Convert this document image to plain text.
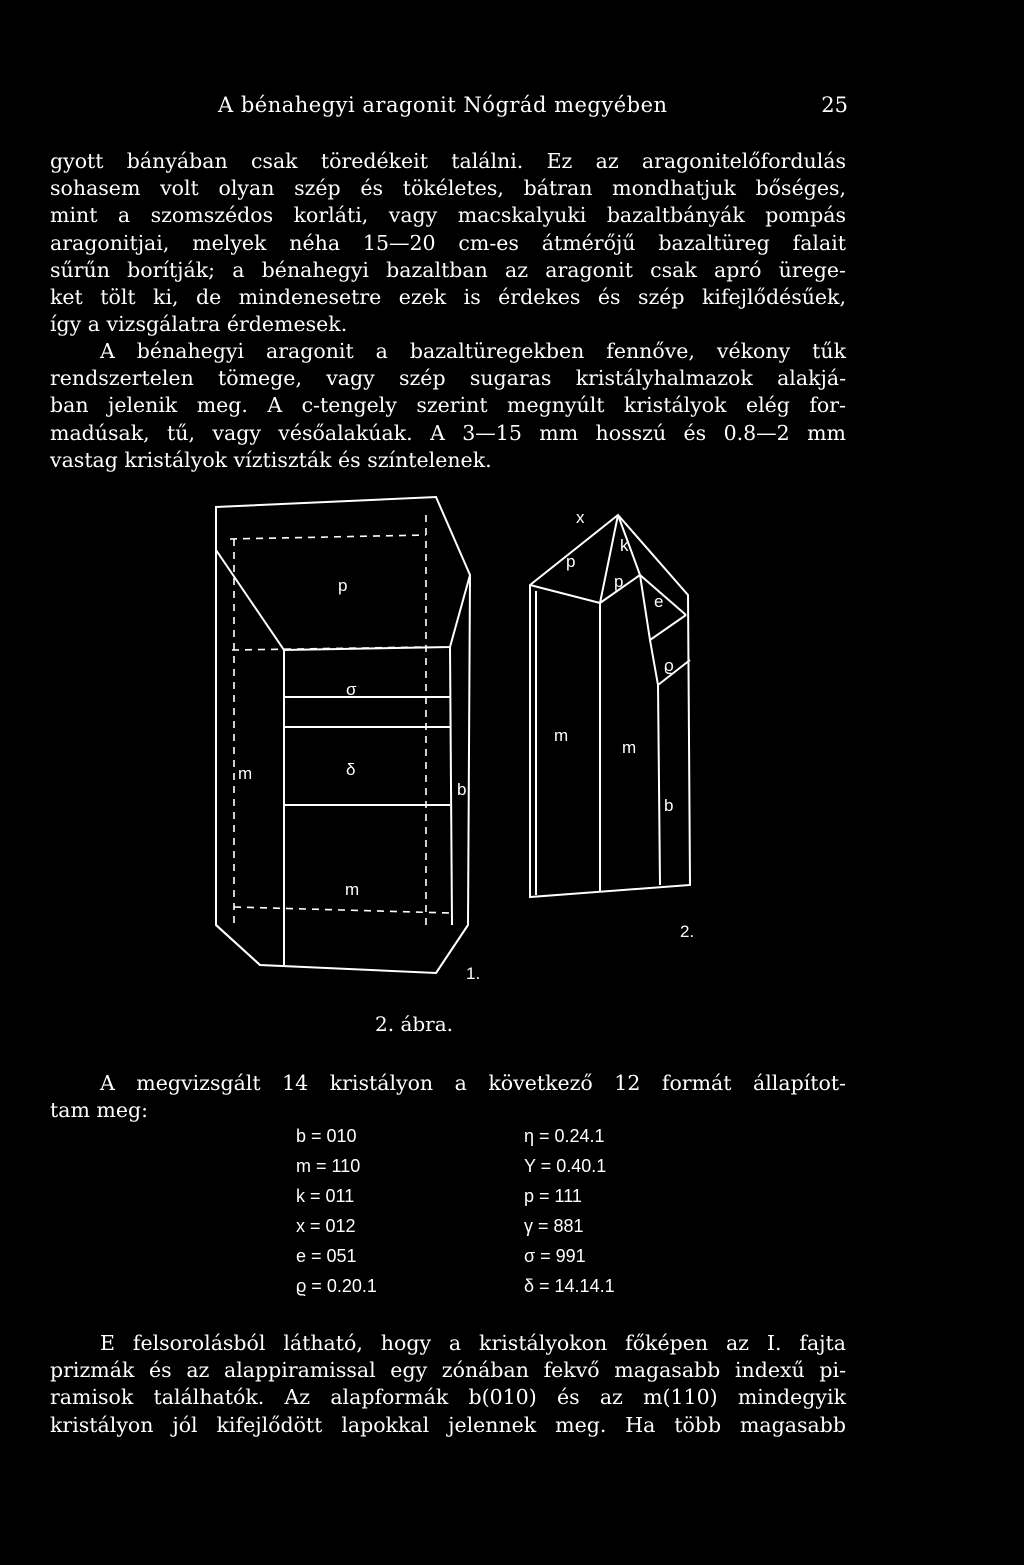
A bénahegyi aragonit Nógrád megyében	25
gyott bányában csak töredékeit találni. Ez az aragonitelőfordulás
sohasem volt olyan szép és tökéletes, bátran mondhatjuk bőséges,
mint a szomszédos korláti, vagy macskalyuki bazaltbányák pompás
aragonitjai, melyek néha 15—20 cm-es átmérőjű bazaltüreg falait
sűrűn borítják; a bénahegyi bazaltban az aragonit csak apró ürege-
ket tölt ki, de mindenesetre ezek is érdekes és szép kifejlődésűek,
így a vizsgálatra érdemesek.
A bénahegyi aragonit a bazaltüregekben fennőve, vékony tűk
rendszertelen tömege, vagy szép sugaras kristályhalmazok alakjá-
ban jelenik meg. A c-tengely szerint megnyúlt kristályok elég for-
madúsak, tű, vagy vésőalakúak. A 3—15 mm hosszú és 0.8—2 mm
vastag kristályok víztiszták és színtelenek.
p
σ
δ
m
m
b
1.
x
k
p
p
e
ϱ
m
m
b
2.
2. ábra.
A megvizsgált 14 kristályon a következő 12 formát állapítot-
tam meg:
b = 010
m = 110
k = 011
x = 012
e = 051
ϱ = 0.20.1
η = 0.24.1
Y = 0.40.1
p = 111
γ = 881
σ = 991
δ = 14.14.1
E felsorolásból látható, hogy a kristályokon főképen az I. fajta
prizmák és az alappiramissal egy zónában fekvő magasabb indexű pi-
ramisok találhatók. Az alapformák b(010) és az m(110) mindegyik
kristályon jól kifejlődött lapokkal jelennek meg. Ha több magasabb
